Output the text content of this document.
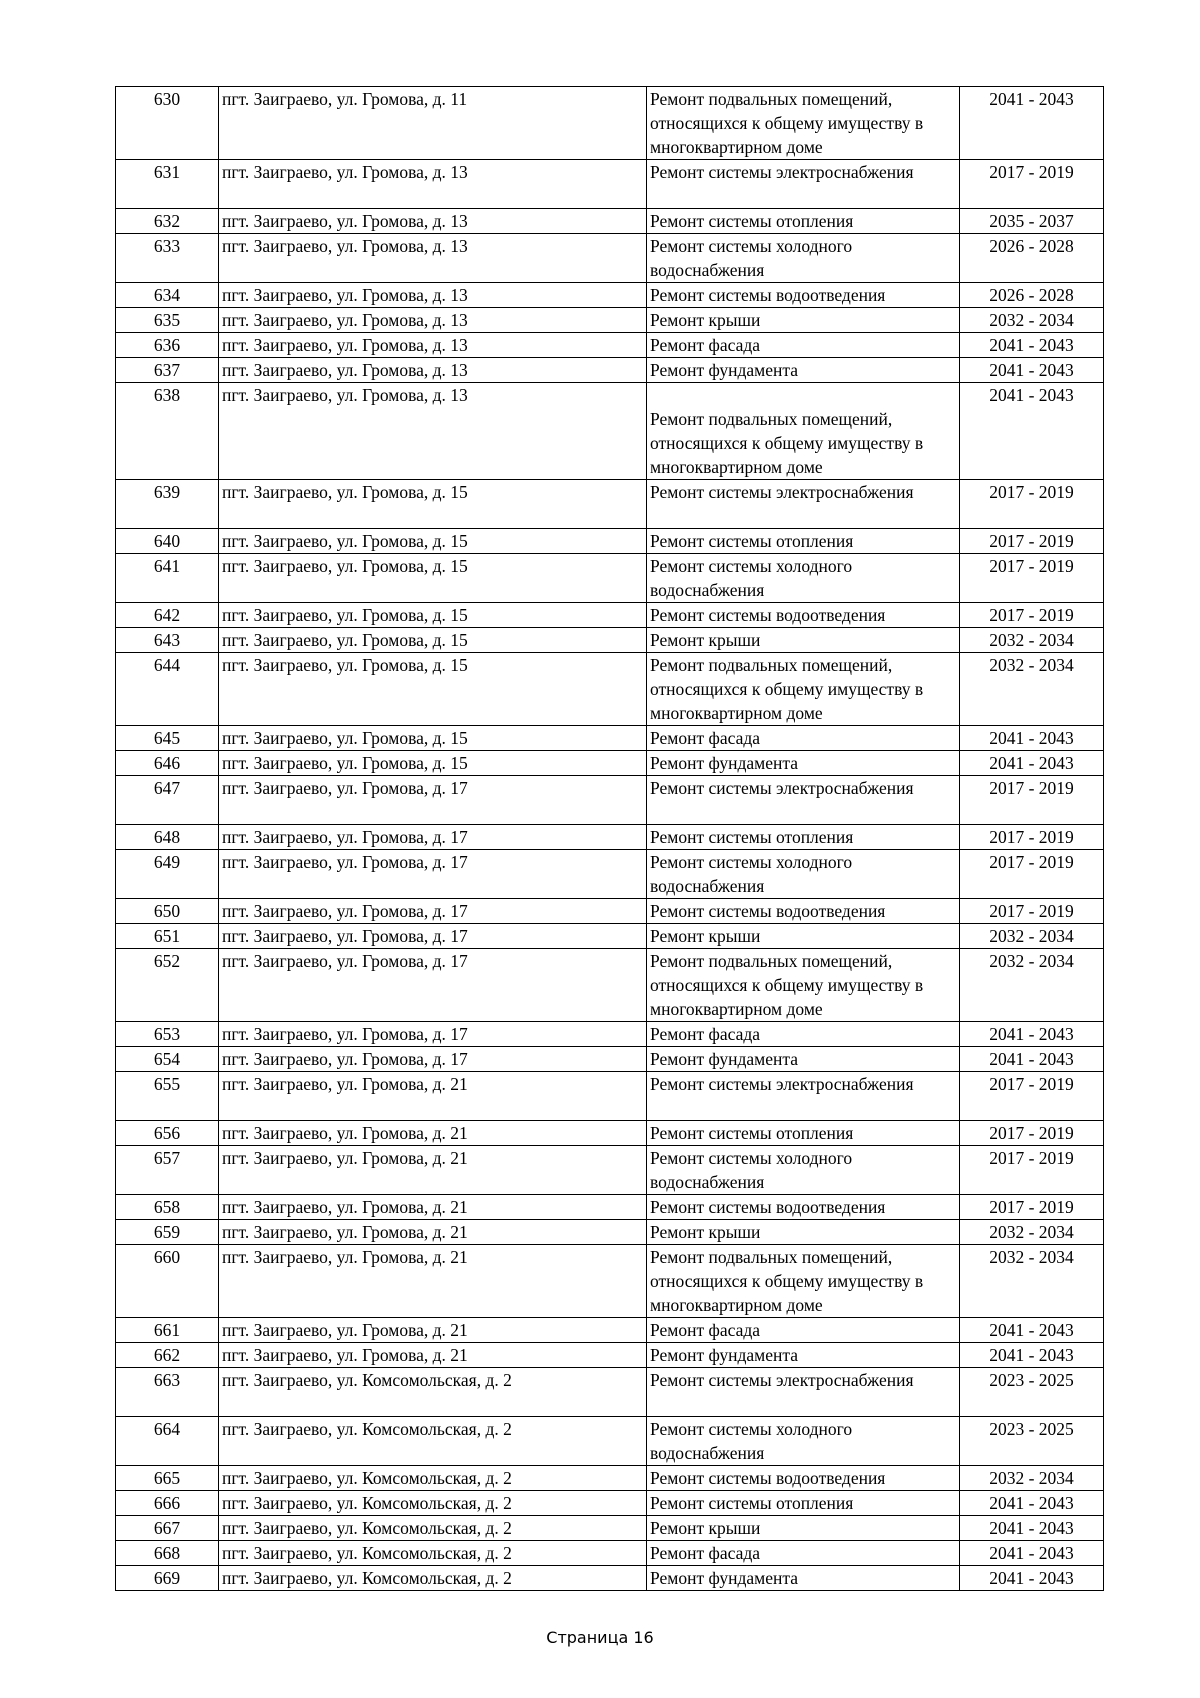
630	пгт. Заиграево, ул. Громова, д. 11	Ремонт подвальных помещений, относящихся к общему имуществу в многоквартирном доме	2041 - 2043
631	пгт. Заиграево, ул. Громова, д. 13	Ремонт системы электроснабжения	2017 - 2019
632	пгт. Заиграево, ул. Громова, д. 13	Ремонт системы отопления	2035 - 2037
633	пгт. Заиграево, ул. Громова, д. 13	Ремонт системы холодного водоснабжения	2026 - 2028
634	пгт. Заиграево, ул. Громова, д. 13	Ремонт системы водоотведения	2026 - 2028
635	пгт. Заиграево, ул. Громова, д. 13	Ремонт крыши	2032 - 2034
636	пгт. Заиграево, ул. Громова, д. 13	Ремонт фасада	2041 - 2043
637	пгт. Заиграево, ул. Громова, д. 13	Ремонт фундамента	2041 - 2043
638	пгт. Заиграево, ул. Громова, д. 13	Ремонт подвальных помещений, относящихся к общему имуществу в многоквартирном доме	2041 - 2043
639	пгт. Заиграево, ул. Громова, д. 15	Ремонт системы электроснабжения	2017 - 2019
640	пгт. Заиграево, ул. Громова, д. 15	Ремонт системы отопления	2017 - 2019
641	пгт. Заиграево, ул. Громова, д. 15	Ремонт системы холодного водоснабжения	2017 - 2019
642	пгт. Заиграево, ул. Громова, д. 15	Ремонт системы водоотведения	2017 - 2019
643	пгт. Заиграево, ул. Громова, д. 15	Ремонт крыши	2032 - 2034
644	пгт. Заиграево, ул. Громова, д. 15	Ремонт подвальных помещений, относящихся к общему имуществу в многоквартирном доме	2032 - 2034
645	пгт. Заиграево, ул. Громова, д. 15	Ремонт фасада	2041 - 2043
646	пгт. Заиграево, ул. Громова, д. 15	Ремонт фундамента	2041 - 2043
647	пгт. Заиграево, ул. Громова, д. 17	Ремонт системы электроснабжения	2017 - 2019
648	пгт. Заиграево, ул. Громова, д. 17	Ремонт системы отопления	2017 - 2019
649	пгт. Заиграево, ул. Громова, д. 17	Ремонт системы холодного водоснабжения	2017 - 2019
650	пгт. Заиграево, ул. Громова, д. 17	Ремонт системы водоотведения	2017 - 2019
651	пгт. Заиграево, ул. Громова, д. 17	Ремонт крыши	2032 - 2034
652	пгт. Заиграево, ул. Громова, д. 17	Ремонт подвальных помещений, относящихся к общему имуществу в многоквартирном доме	2032 - 2034
653	пгт. Заиграево, ул. Громова, д. 17	Ремонт фасада	2041 - 2043
654	пгт. Заиграево, ул. Громова, д. 17	Ремонт фундамента	2041 - 2043
655	пгт. Заиграево, ул. Громова, д. 21	Ремонт системы электроснабжения	2017 - 2019
656	пгт. Заиграево, ул. Громова, д. 21	Ремонт системы отопления	2017 - 2019
657	пгт. Заиграево, ул. Громова, д. 21	Ремонт системы холодного водоснабжения	2017 - 2019
658	пгт. Заиграево, ул. Громова, д. 21	Ремонт системы водоотведения	2017 - 2019
659	пгт. Заиграево, ул. Громова, д. 21	Ремонт крыши	2032 - 2034
660	пгт. Заиграево, ул. Громова, д. 21	Ремонт подвальных помещений, относящихся к общему имуществу в многоквартирном доме	2032 - 2034
661	пгт. Заиграево, ул. Громова, д. 21	Ремонт фасада	2041 - 2043
662	пгт. Заиграево, ул. Громова, д. 21	Ремонт фундамента	2041 - 2043
663	пгт. Заиграево, ул. Комсомольская, д. 2	Ремонт системы электроснабжения	2023 - 2025
664	пгт. Заиграево, ул. Комсомольская, д. 2	Ремонт системы холодного водоснабжения	2023 - 2025
665	пгт. Заиграево, ул. Комсомольская, д. 2	Ремонт системы водоотведения	2032 - 2034
666	пгт. Заиграево, ул. Комсомольская, д. 2	Ремонт системы отопления	2041 - 2043
667	пгт. Заиграево, ул. Комсомольская, д. 2	Ремонт крыши	2041 - 2043
668	пгт. Заиграево, ул. Комсомольская, д. 2	Ремонт фасада	2041 - 2043
669	пгт. Заиграево, ул. Комсомольская, д. 2	Ремонт фундамента	2041 - 2043
Страница 16
